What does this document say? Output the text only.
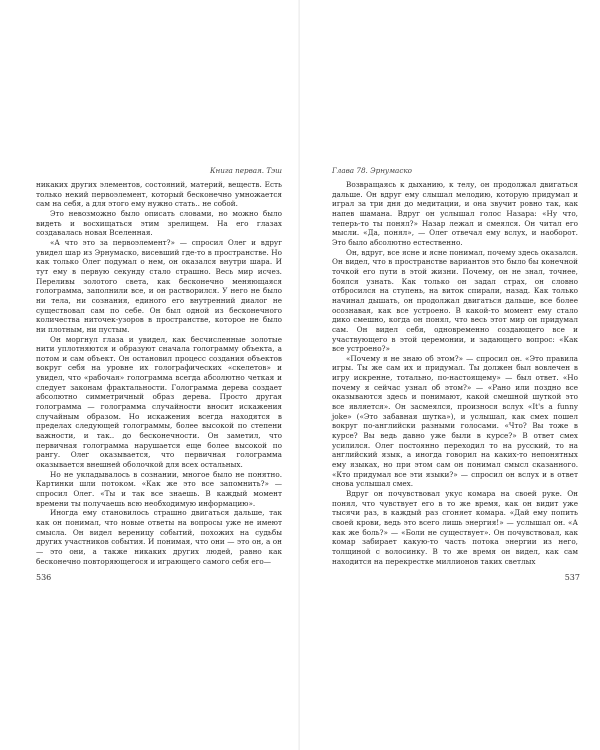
Книга первая. Тэш

никаких других элементов, состояний, материй, веществ. Есть только некий первоэлемент, который бесконечно умножается сам на себя, а для этого ему нужно стать.. не собой.

Это невозможно было описать словами, но можно было видеть и восхищаться этим зрелищем. На его глазах создавалась новая Вселенная.

«А что это за первоэлемент?» — спросил Олег и вдруг увидел шар из Эрнумаско, висевший где-то в пространстве. Но как только Олег подумал о нем, он оказался внутри шара. И тут ему в первую секунду стало страшно. Весь мир исчез. Переливы золотого света, как бесконечно меняющаяся голограмма, заполнили все, и он растворился. У него не было ни тела, ни сознания, единого его внутренний диалог не существовал сам по себе. Он был одной из бесконечного количества ниточек-узоров в пространстве, которое не было ни плотным, ни пустым.

Он моргнул глаза и увидел, как бесчисленные золотые нити уплотняются и образуют сначала голограмму объекта, а потом и сам объект. Он остановил процесс создания объектов вокруг себя на уровне их голографических «скелетов» и увидел, что «рабочая» голограмма всегда абсолютно четкая и следует законам фрактальности. Голограмма дерева создает абсолютно симметричный образ дерева. Просто другая голограмма — голограмма случайности вносит искажения случайным образом. Но искажения всегда находятся в пределах следующей голограммы, более высокой по степени важности, и так.. до бесконечности. Он заметил, что первичная голограмма нарушается еще более высокой по рангу. Олег оказывается, что первичная голограмма оказывается внешней оболочкой для всех остальных.

Но не укладывалось в сознании, многое было не понятно. Картинки шли потоком. «Как же это все запомнить?» — спросил Олег. «Ты и так все знаешь. В каждый момент времени ты получаешь всю необходимую информацию».

Иногда ему становилось страшно двигаться дальше, так как он понимал, что новые ответы на вопросы уже не имеют смысла. Он видел вереницу событий, похожих на судьбы других участников события. И понимая, что они — это он, а он — это они, а также никаких других людей, равно как бесконечно повторяющегося и играющего самого себя его—

536
Глава 78. Эрнумаско

Возвращаясь к дыханию, к телу, он продолжал двигаться дальше. Он вдруг ему слышал мелодию, которую придумал и играл за три дня до медитации, и она звучит ровно так, как напев шамана. Вдруг он услышал голос Назара: «Ну что, теперь-то ты понял?» Назар лежал и смеялся. Он читал его мысли. «Да, понял», — Олег отвечал ему вслух, и наоборот. Это было абсолютно естественно.

Он, вдруг, все ясне и ясне понимал, почему здесь оказался. Он видел, что в пространстве вариантов это было бы конечной точкой его пути в этой жизни. Почему, он не знал, точнее, боялся узнать. Как только он задал страх, он словно отбросился на ступень, на виток спирали, назад. Как только начинал дышать, он продолжал двигаться дальше, все более осознавая, как все устроено. В какой-то момент ему стало дико смешно, когда он понял, что весь этот мир он придумал сам. Он видел себя, одновременно создающего все и участвующего в этой церемонии, и задающего вопрос: «Как все устроено?»

«Почему я не знаю об этом?» — спросил он. «Это правила игры. Ты же сам их и придумал. Ты должен был вовлечен в игру искренне, тотально, по-настоящему» — был ответ. «Но почему я сейчас узнал об этом?» — «Рано или поздно все оказываются здесь и понимают, какой смешной шуткой это все является». Он засмеялся, произнося вслух «It's a funny joke» («Это забавная шутка»), и услышал, как смех пошел вокруг по-английски разными голосами. «Что? Вы тоже в курсе? Вы ведь давно уже были в курсе?» В ответ смех усилился. Олег постоянно переходил то на русский, то на английский язык, а иногда говорил на каких-то непонятных ему языках, но при этом сам он понимал смысл сказанного. «Кто придумал все эти языки?» — спросил он вслух и в ответ снова услышал смех.

Вдруг он почувствовал укус комара на своей руке. Он понял, что чувствует его в то же время, как он видит уже тысячи раз, в каждый раз сгоняет комара. «Дай ему попить своей крови, ведь это всего лишь энергия!» — услышал он. «А как же боль?» — «Боли не существует». Он почувствовал, как комар забирает какую-то часть потока энергии из него, толщиной с волосинку. В то же время он видел, как сам находится на перекрестке миллионов таких светлых

537
